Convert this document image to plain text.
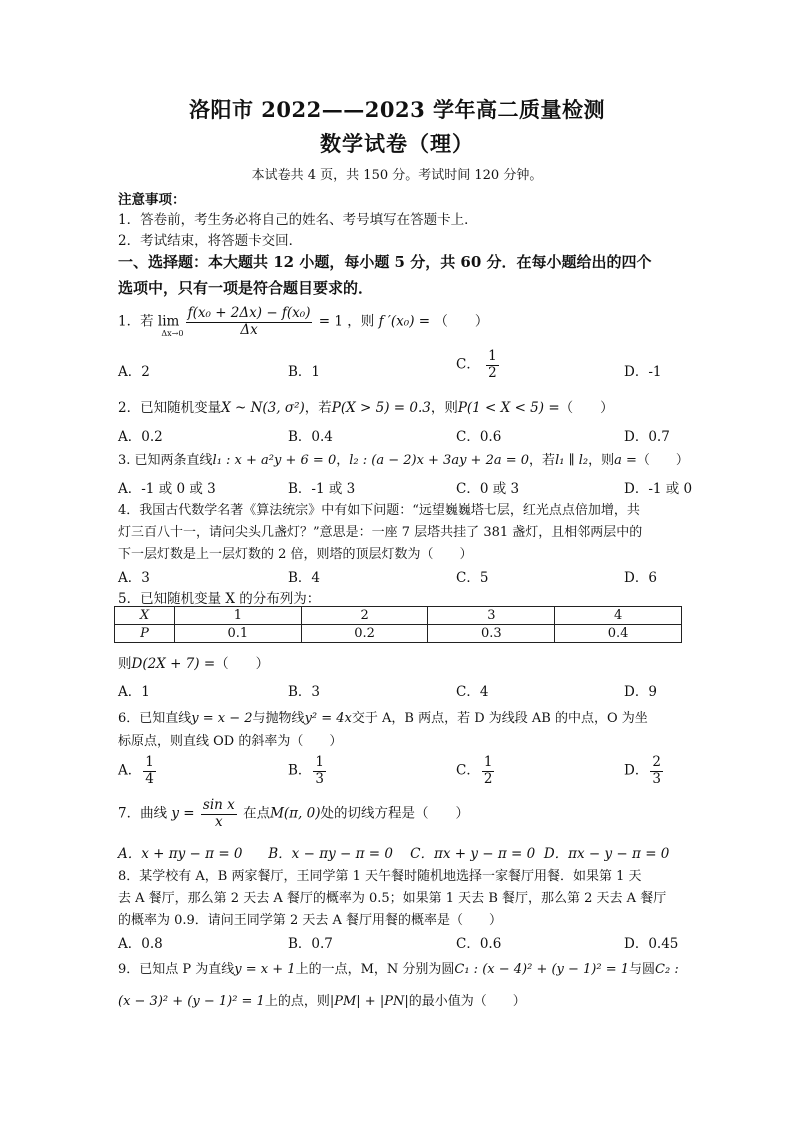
洛阳市 2022——2023 学年高二质量检测
数学试卷（理）
本试卷共 4 页，共 150 分。考试时间 120 分钟。
注意事项：
1．答卷前，考生务必将自己的姓名、考号填写在答题卡上．
2．考试结束，将答题卡交回．
一、选择题：本大题共 12 小题，每小题 5 分，共 60 分．在每小题给出的四个
选项中，只有一项是符合题目要求的．
1．若 $\lim\Delta x\to 0 \frac{\text{f(x₀ + 2Δx) − f(x₀)}}{\Delta x} = 1$ ，则 f ′(x₀) = （　　）
A．2	B．1	C． $\frac{1}{2}$	D．-1
2．已知随机变量X ~ N(3, σ²)，若P(X > 5) = 0.3，则P(1 < X < 5) =（　　）
A．0.2	B．0.4	C．0.6	D．0.7
3. 已知两条直线l₁ : x + a²y + 6 = 0，l₂ : (a − 2)x + 3ay + 2a = 0，若l₁ ∥ l₂，则a =（　　）
A．-1 或 0 或 3	B．-1 或 3	C．0 或 3	D．-1 或 0
4．我国古代数学名著《算法统宗》中有如下问题：“远望巍巍塔七层，红光点点倍加增，共
灯三百八十一，请问尖头几盏灯？”意思是：一座 7 层塔共挂了 381 盏灯，且相邻两层中的
下一层灯数是上一层灯数的 2 倍，则塔的顶层灯数为（　　）
A．3	B．4	C．5	D．6
5．已知随机变量 X 的分布列为：
X	1	2	3	4
P	0.1	0.2	0.3	0.4
则D(2X + 7) =（　　）
A．1	B．3	C．4	D．9
6．已知直线y = x − 2与抛物线y² = 4x交于 A，B 两点，若 D 为线段 AB 的中点，O 为坐
标原点，则直线 OD 的斜率为（　　）
A． $\frac{1}{4}$	B． $\frac{1}{3}$	C． $\frac{1}{2}$	D． $\frac{2}{3}$
7．曲线 $y = \frac{\text{sin x}}{x}$ 在点M(π, 0)处的切线方程是（　　）
A．x + πy − π = 0 B．x − πy − π = 0 C．πx + y − π = 0 D．πx − y − π = 0
8．某学校有 A，B 两家餐厅，王同学第 1 天午餐时随机地选择一家餐厅用餐．如果第 1 天
去 A 餐厅，那么第 2 天去 A 餐厅的概率为 0.5；如果第 1 天去 B 餐厅，那么第 2 天去 A 餐厅
的概率为 0.9．请问王同学第 2 天去 A 餐厅用餐的概率是（　　）
A．0.8	B．0.7	C．0.6	D．0.45
9．已知点 P 为直线y = x + 1上的一点，M，N 分别为圆C₁ : (x − 4)² + (y − 1)² = 1与圆C₂ :
(x − 3)² + (y − 1)² = 1上的点，则|PM| + |PN|的最小值为（　　）
